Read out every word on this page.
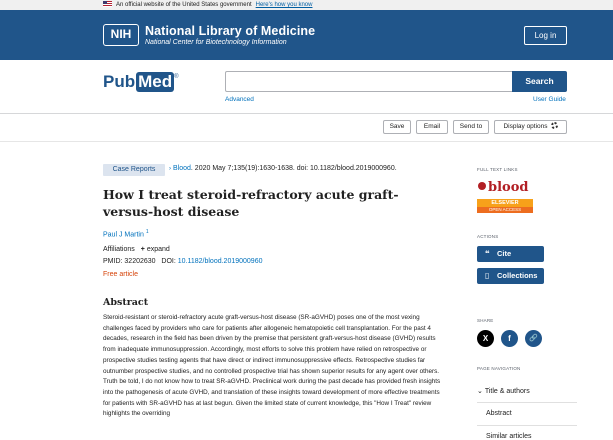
An official website of the United States government Here's how you know
NIH	National Library of Medicine
National Center for Biotechnology Information
Log in
Pub Med ®	Search
Advanced	User Guide
Save	Email	Send to	Display options
Case Reports	› Blood. 2020 May 7;135(19):1630-1638. doi: 10.1182/blood.2019000960.
How I treat steroid-refractory acute graft-versus-host disease
Paul J Martin $^1$
Affiliations + expand
PMID: 32202630 DOI: 10.1182/blood.2019000960
Free article
Abstract

Steroid-resistant or steroid-refractory acute graft-versus-host disease (SR-aGVHD) poses one of the most vexing challenges faced by providers who care for patients after allogeneic hematopoietic cell transplantation. For the past 4 decades, research in the field has been driven by the premise that persistent graft-versus-host disease (GVHD) results from inadequate immunosuppression. Accordingly, most efforts to solve this problem have relied on retrospective or prospective studies testing agents that have direct or indirect immunosuppressive effects. Retrospective studies far outnumber prospective studies, and no controlled prospective trial has shown superior results for any agent over others. Truth be told, I do not know how to treat SR-aGVHD. Preclinical work during the past decade has provided fresh insights into the pathogenesis of acute GVHD, and translation of these insights toward development of more effective treatments for patients with SR-aGVHD has at last begun. Given the limited state of current knowledge, this "How I Treat" review highlights the overriding

FULL TEXT LINKS
blood
ELSEVIER
OPEN ACCESS
ACTIONS
❝ Cite
▯ Collections
SHARE
X	f	🔗
PAGE NAVIGATION
⌄ Title & authors
Abstract
Similar articles
